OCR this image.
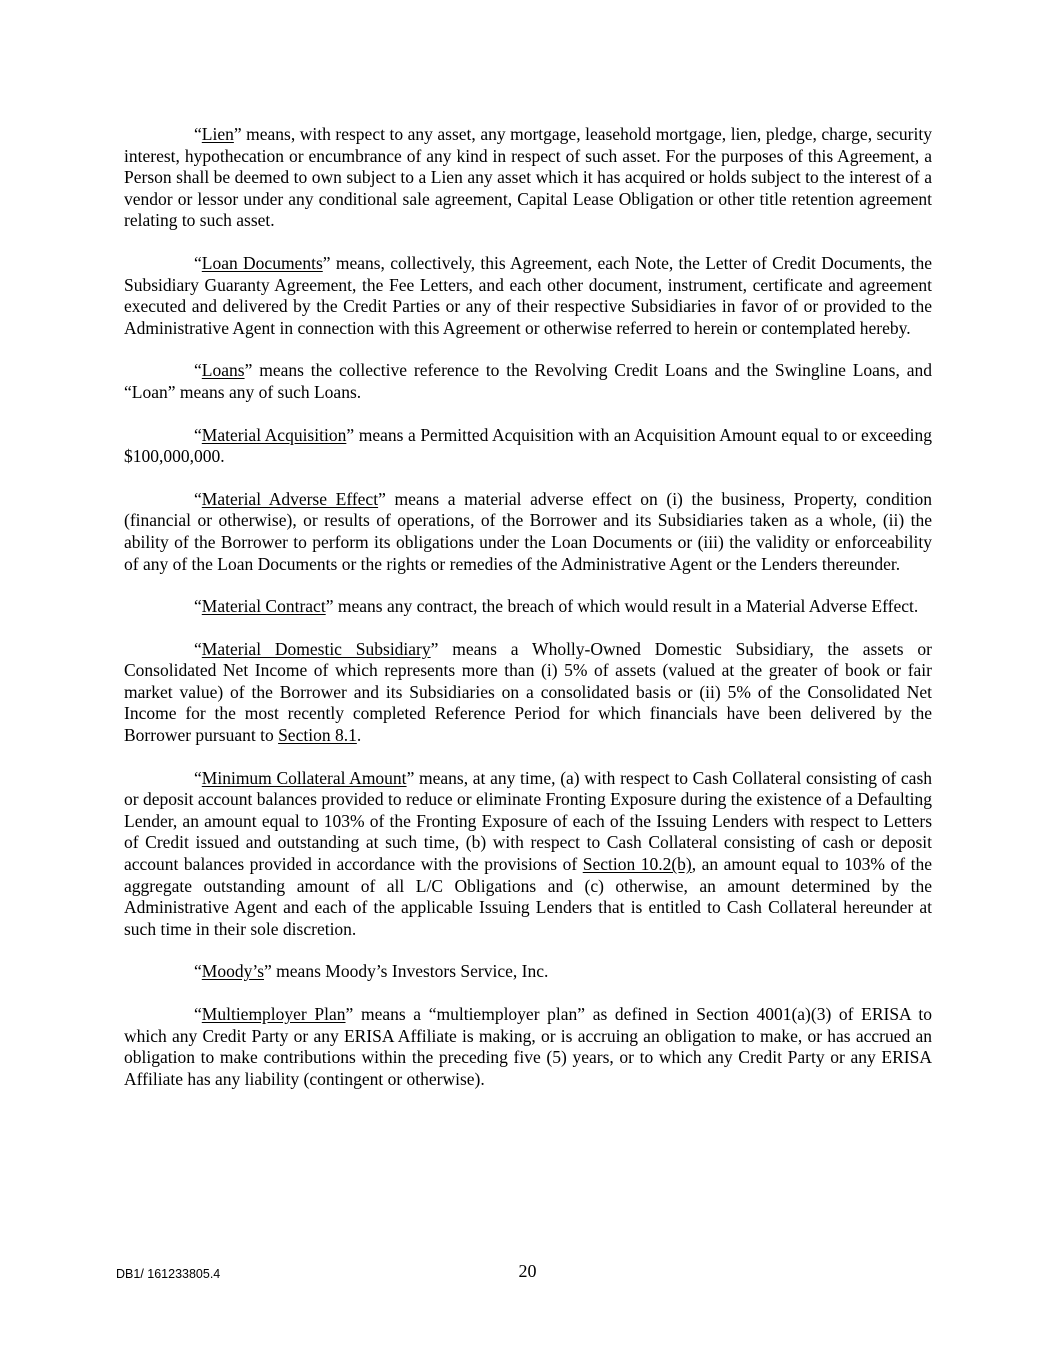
“Lien” means, with respect to any asset, any mortgage, leasehold mortgage, lien, pledge, charge, security interest, hypothecation or encumbrance of any kind in respect of such asset. For the purposes of this Agreement, a Person shall be deemed to own subject to a Lien any asset which it has acquired or holds subject to the interest of a vendor or lessor under any conditional sale agreement, Capital Lease Obligation or other title retention agreement relating to such asset.

“Loan Documents” means, collectively, this Agreement, each Note, the Letter of Credit Documents, the Subsidiary Guaranty Agreement, the Fee Letters, and each other document, instrument, certificate and agreement executed and delivered by the Credit Parties or any of their respective Subsidiaries in favor of or provided to the Administrative Agent in connection with this Agreement or otherwise referred to herein or contemplated hereby.

“Loans” means the collective reference to the Revolving Credit Loans and the Swingline Loans, and “Loan” means any of such Loans.

“Material Acquisition” means a Permitted Acquisition with an Acquisition Amount equal to or exceeding $100,000,000.

“Material Adverse Effect” means a material adverse effect on (i) the business, Property, condition (financial or otherwise), or results of operations, of the Borrower and its Subsidiaries taken as a whole, (ii) the ability of the Borrower to perform its obligations under the Loan Documents or (iii) the validity or enforceability of any of the Loan Documents or the rights or remedies of the Administrative Agent or the Lenders thereunder.

“Material Contract” means any contract, the breach of which would result in a Material Adverse Effect.

“Material Domestic Subsidiary” means a Wholly-Owned Domestic Subsidiary, the assets or Consolidated Net Income of which represents more than (i) 5% of assets (valued at the greater of book or fair market value) of the Borrower and its Subsidiaries on a consolidated basis or (ii) 5% of the Consolidated Net Income for the most recently completed Reference Period for which financials have been delivered by the Borrower pursuant to Section 8.1.

“Minimum Collateral Amount” means, at any time, (a) with respect to Cash Collateral consisting of cash or deposit account balances provided to reduce or eliminate Fronting Exposure during the existence of a Defaulting Lender, an amount equal to 103% of the Fronting Exposure of each of the Issuing Lenders with respect to Letters of Credit issued and outstanding at such time, (b) with respect to Cash Collateral consisting of cash or deposit account balances provided in accordance with the provisions of Section 10.2(b), an amount equal to 103% of the aggregate outstanding amount of all L/C Obligations and (c) otherwise, an amount determined by the Administrative Agent and each of the applicable Issuing Lenders that is entitled to Cash Collateral hereunder at such time in their sole discretion.

“Moody’s” means Moody’s Investors Service, Inc.

“Multiemployer Plan” means a “multiemployer plan” as defined in Section 4001(a)(3) of ERISA to which any Credit Party or any ERISA Affiliate is making, or is accruing an obligation to make, or has accrued an obligation to make contributions within the preceding five (5) years, or to which any Credit Party or any ERISA Affiliate has any liability (contingent or otherwise).

DB1/ 161233805.4	20
